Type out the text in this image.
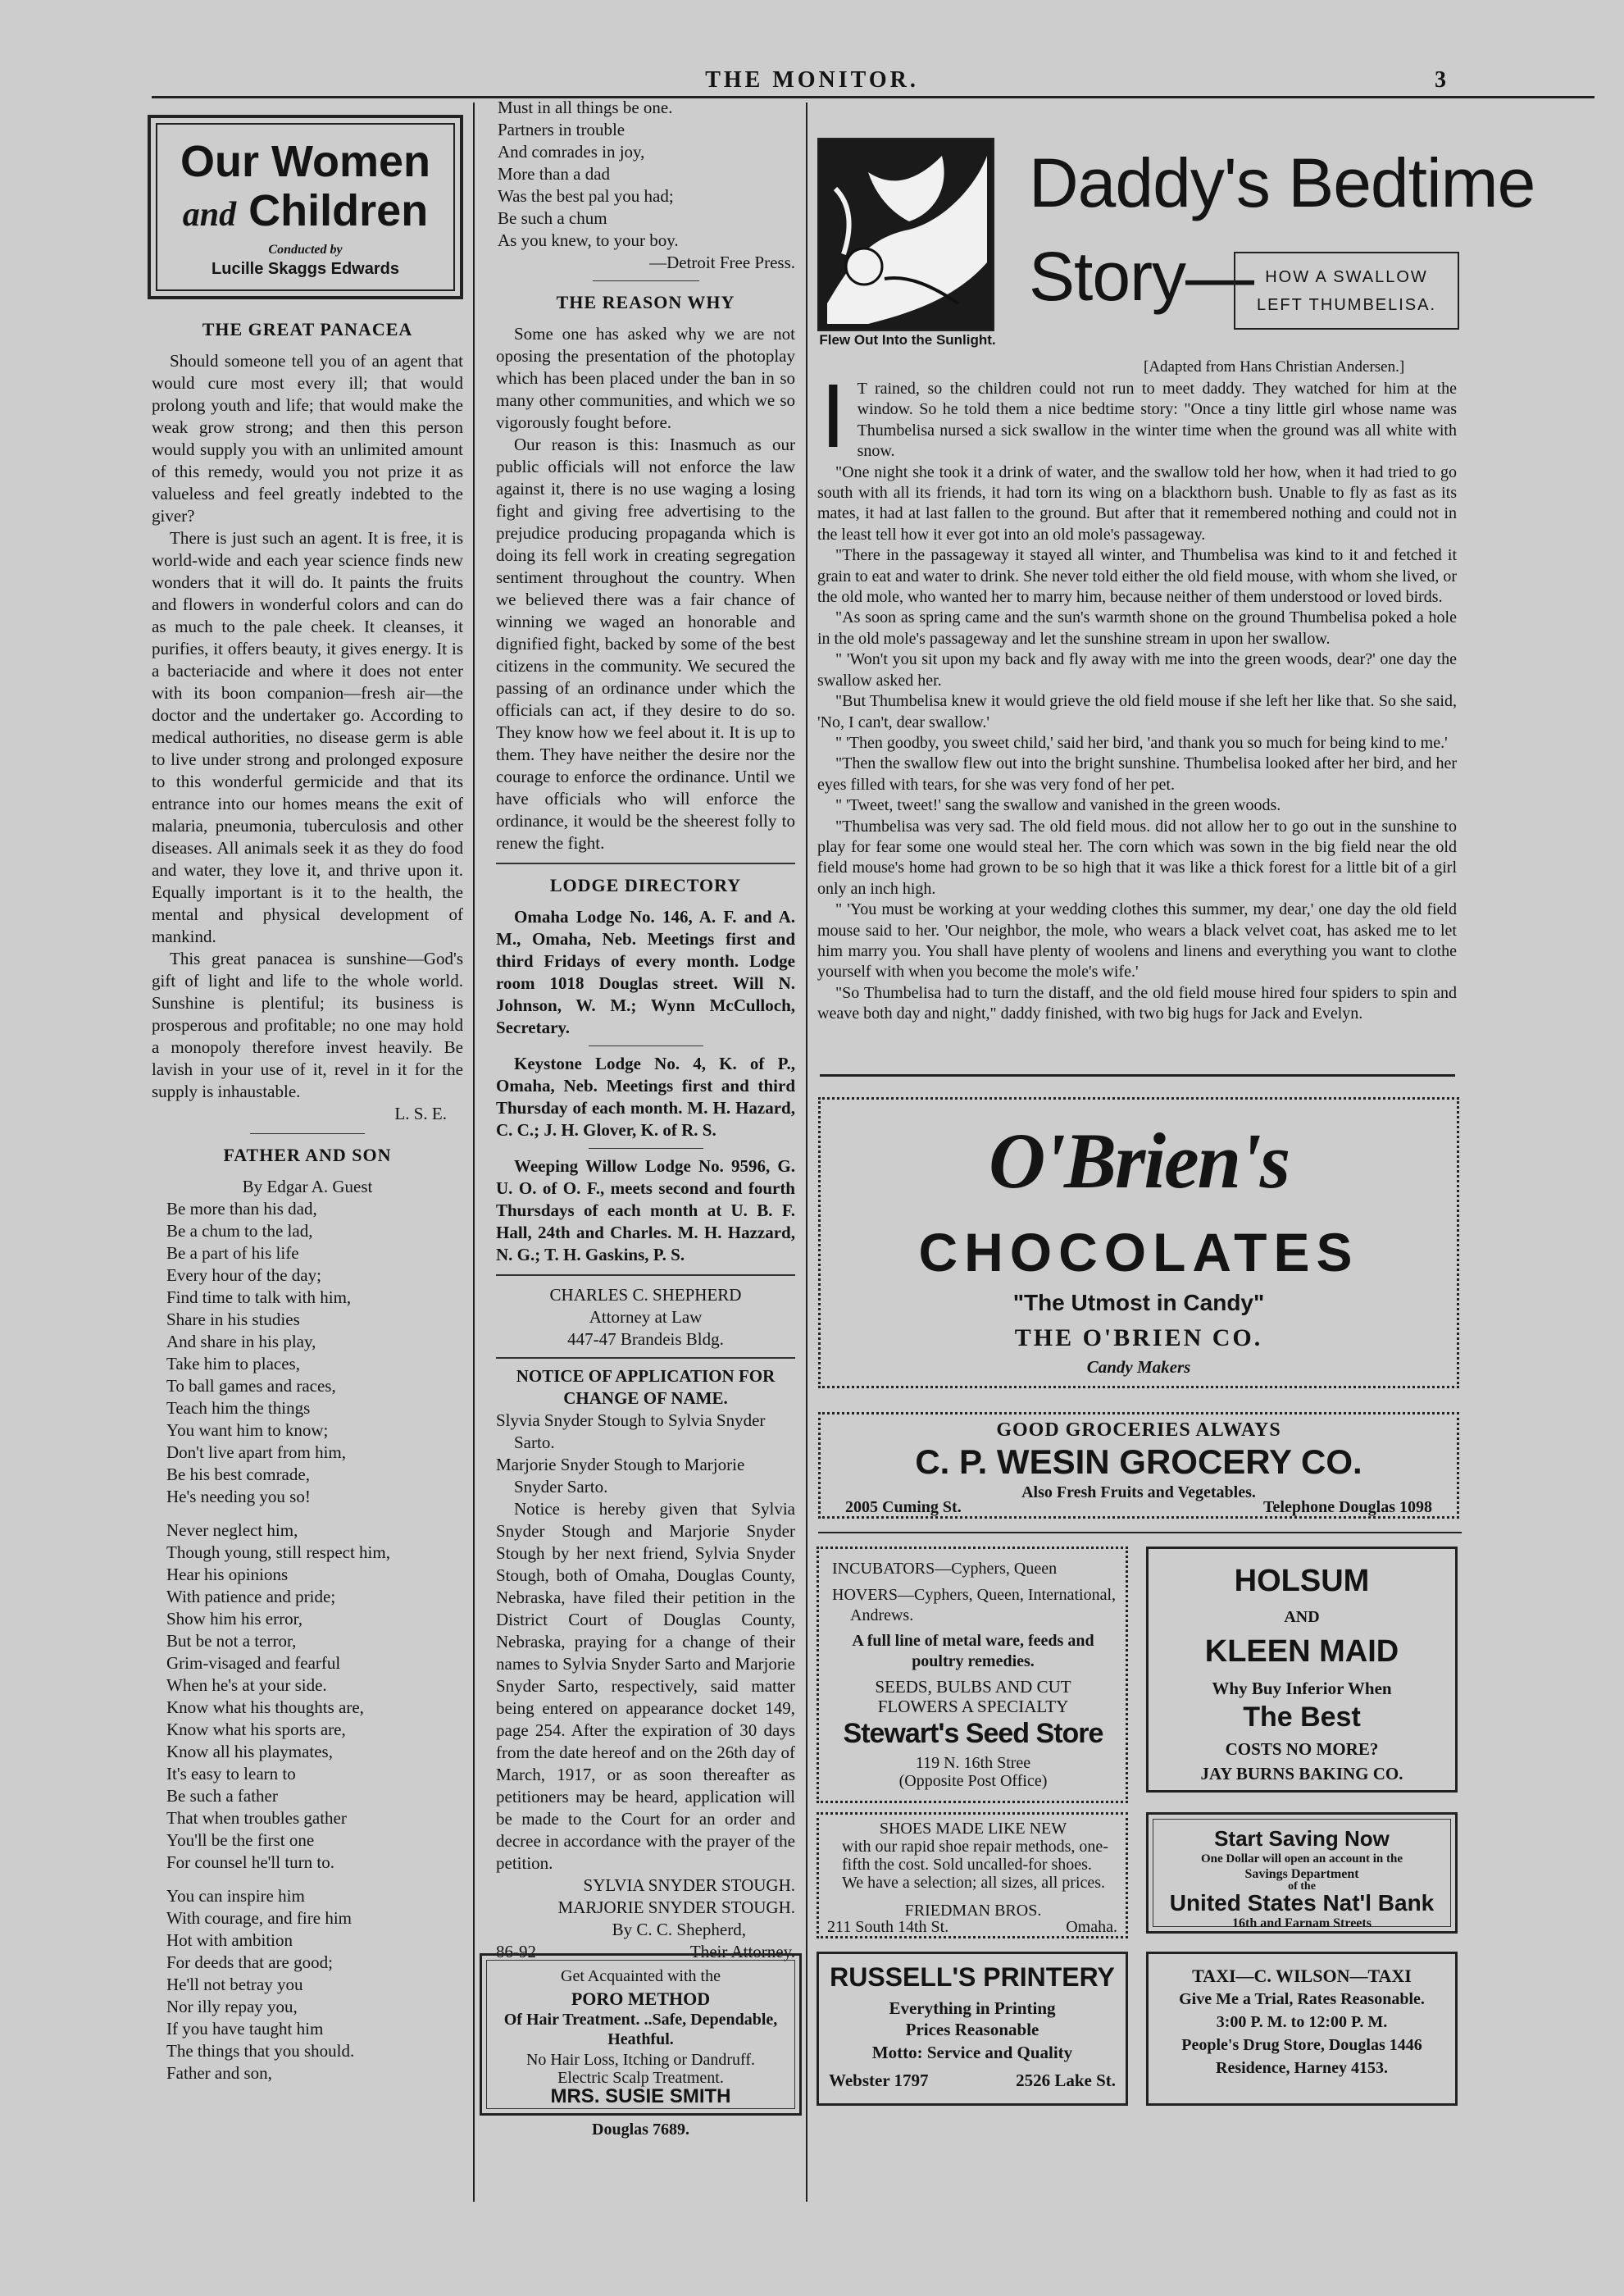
THE MONITOR.	3
Our Women
and Children
Conducted by
Lucille Skaggs Edwards
THE GREAT PANACEA

Should someone tell you of an agent that would cure most every ill; that would prolong youth and life; that would make the weak grow strong; and then this person would supply you with an unlimited amount of this remedy, would you not prize it as valueless and feel greatly indebted to the giver?

There is just such an agent. It is free, it is world-wide and each year science finds new wonders that it will do. It paints the fruits and flowers in wonderful colors and can do as much to the pale cheek. It cleanses, it purifies, it offers beauty, it gives energy. It is a bacteriacide and where it does not enter with its boon companion—fresh air—the doctor and the undertaker go. According to medical authorities, no disease germ is able to live under strong and prolonged exposure to this wonderful germicide and that its entrance into our homes means the exit of malaria, pneumonia, tuberculosis and other diseases. All animals seek it as they do food and water, they love it, and thrive upon it. Equally important is it to the health, the mental and physical development of mankind.

This great panacea is sunshine—God's gift of light and life to the whole world. Sunshine is plentiful; its business is prosperous and profitable; no one may hold a monopoly therefore invest heavily. Be lavish in your use of it, revel in it for the supply is inhaustable.

L. S. E.
FATHER AND SON
By Edgar A. Guest
Be more than his dad,
Be a chum to the lad,
Be a part of his life
Every hour of the day;
Find time to talk with him,
Share in his studies
And share in his play,
Take him to places,
To ball games and races,
Teach him the things
You want him to know;
Don't live apart from him,
Be his best comrade,
He's needing you so!
Never neglect him,
Though young, still respect him,
Hear his opinions
With patience and pride;
Show him his error,
But be not a terror,
Grim-visaged and fearful
When he's at your side.
Know what his thoughts are,
Know what his sports are,
Know all his playmates,
It's easy to learn to
Be such a father
That when troubles gather
You'll be the first one
For counsel he'll turn to.
You can inspire him
With courage, and fire him
Hot with ambition
For deeds that are good;
He'll not betray you
Nor illy repay you,
If you have taught him
The things that you should.
Father and son,
Must in all things be one.
Partners in trouble
And comrades in joy,
More than a dad
Was the best pal you had;
Be such a chum
As you knew, to your boy.
—Detroit Free Press.
THE REASON WHY

Some one has asked why we are not oposing the presentation of the photoplay which has been placed under the ban in so many other communities, and which we so vigorously fought before.

Our reason is this: Inasmuch as our public officials will not enforce the law against it, there is no use waging a losing fight and giving free advertising to the prejudice producing propaganda which is doing its fell work in creating segregation sentiment throughout the country. When we believed there was a fair chance of winning we waged an honorable and dignified fight, backed by some of the best citizens in the community. We secured the passing of an ordinance under which the officials can act, if they desire to do so. They know how we feel about it. It is up to them. They have neither the desire nor the courage to enforce the ordinance. Until we have officials who will enforce the ordinance, it would be the sheerest folly to renew the fight.

LODGE DIRECTORY

Omaha Lodge No. 146, A. F. and A. M., Omaha, Neb. Meetings first and third Fridays of every month. Lodge room 1018 Douglas street. Will N. Johnson, W. M.; Wynn McCulloch, Secretary.

Keystone Lodge No. 4, K. of P., Omaha, Neb. Meetings first and third Thursday of each month. M. H. Hazard, C. C.; J. H. Glover, K. of R. S.

Weeping Willow Lodge No. 9596, G. U. O. of O. F., meets second and fourth Thursdays of each month at U. B. F. Hall, 24th and Charles. M. H. Hazzard, N. G.; T. H. Gaskins, P. S.

CHARLES C. SHEPHERD
Attorney at Law
447-47 Brandeis Bldg.
NOTICE OF APPLICATION FOR
CHANGE OF NAME.
Slyvia Snyder Stough to Sylvia Snyder Sarto.
Marjorie Snyder Stough to Marjorie Snyder Sarto.

Notice is hereby given that Sylvia Snyder Stough and Marjorie Snyder Stough by her next friend, Sylvia Snyder Stough, both of Omaha, Douglas County, Nebraska, have filed their petition in the District Court of Douglas County, Nebraska, praying for a change of their names to Sylvia Snyder Sarto and Marjorie Snyder Sarto, respectively, said matter being entered on appearance docket 149, page 254. After the expiration of 30 days from the date hereof and on the 26th day of March, 1917, or as soon thereafter as petitioners may be heard, application will be made to the Court for an order and decree in accordance with the prayer of the petition.

SYLVIA SNYDER STOUGH.
MARJORIE SNYDER STOUGH.
By C. C. Shepherd,
86-92	Their Attorney.
Get Acquainted with the
PORO METHOD
Of Hair Treatment. ..Safe, Dependable, Heathful.
No Hair Loss, Itching or Dandruff.
Electric Scalp Treatment.
MRS. SUSIE SMITH
Douglas 7689.
Flew Out Into the Sunlight.
Daddy's Bedtime
Story— HOW A SWALLOW
LEFT THUMBELISA.
[Adapted from Hans Christian Andersen.]
I T rained, so the children could not run to meet daddy. They watched for him at the window. So he told them a nice bedtime story: "Once a tiny little girl whose name was Thumbelisa nursed a sick swallow in the winter time when the ground was all white with snow.

"One night she took it a drink of water, and the swallow told her how, when it had tried to go south with all its friends, it had torn its wing on a blackthorn bush. Unable to fly as fast as its mates, it had at last fallen to the ground. But after that it remembered nothing and could not in the least tell how it ever got into an old mole's passageway.

"There in the passageway it stayed all winter, and Thumbelisa was kind to it and fetched it grain to eat and water to drink. She never told either the old field mouse, with whom she lived, or the old mole, who wanted her to marry him, because neither of them understood or loved birds.

"As soon as spring came and the sun's warmth shone on the ground Thumbelisa poked a hole in the old mole's passageway and let the sunshine stream in upon her swallow.

" 'Won't you sit upon my back and fly away with me into the green woods, dear?' one day the swallow asked her.

"But Thumbelisa knew it would grieve the old field mouse if she left her like that. So she said, 'No, I can't, dear swallow.'

" 'Then goodby, you sweet child,' said her bird, 'and thank you so much for being kind to me.'

"Then the swallow flew out into the bright sunshine. Thumbelisa looked after her bird, and her eyes filled with tears, for she was very fond of her pet.

" 'Tweet, tweet!' sang the swallow and vanished in the green woods.

"Thumbelisa was very sad. The old field mous. did not allow her to go out in the sunshine to play for fear some one would steal her. The corn which was sown in the big field near the old field mouse's home had grown to be so high that it was like a thick forest for a little bit of a girl only an inch high.

" 'You must be working at your wedding clothes this summer, my dear,' one day the old field mouse said to her. 'Our neighbor, the mole, who wears a black velvet coat, has asked me to let him marry you. You shall have plenty of woolens and linens and everything you want to clothe yourself with when you become the mole's wife.'

"So Thumbelisa had to turn the distaff, and the old field mouse hired four spiders to spin and weave both day and night," daddy finished, with two big hugs for Jack and Evelyn.

O'Brien's
CHOCOLATES
"The Utmost in Candy"
THE O'BRIEN CO.
Candy Makers
GOOD GROCERIES ALWAYS
C. P. WESIN GROCERY CO.
Also Fresh Fruits and Vegetables.
2005 Cuming St.	Telephone Douglas 1098
INCUBATORS—Cyphers, Queen
HOVERS—Cyphers, Queen, International, Andrews.
A full line of metal ware, feeds and poultry remedies.
SEEDS, BULBS AND CUT
FLOWERS A SPECIALTY
Stewart's Seed Store
119 N. 16th Stree
(Opposite Post Office)
HOLSUM
AND
KLEEN MAID
Why Buy Inferior When
The Best
COSTS NO MORE?
JAY BURNS BAKING CO.
SHOES MADE LIKE NEW
with our rapid shoe repair methods, one-fifth the cost. Sold uncalled-for shoes. We have a selection; all sizes, all prices.
FRIEDMAN BROS.
211 South 14th St.	Omaha.
Start Saving Now
One Dollar will open an account in the
Savings Department
of the
United States Nat'l Bank
16th and Farnam Streets
RUSSELL'S PRINTERY
Everything in Printing
Prices Reasonable
Motto: Service and Quality
Webster 1797	2526 Lake St.
TAXI—C. WILSON—TAXI
Give Me a Trial, Rates Reasonable.
3:00 P. M. to 12:00 P. M.
People's Drug Store, Douglas 1446
Residence, Harney 4153.
